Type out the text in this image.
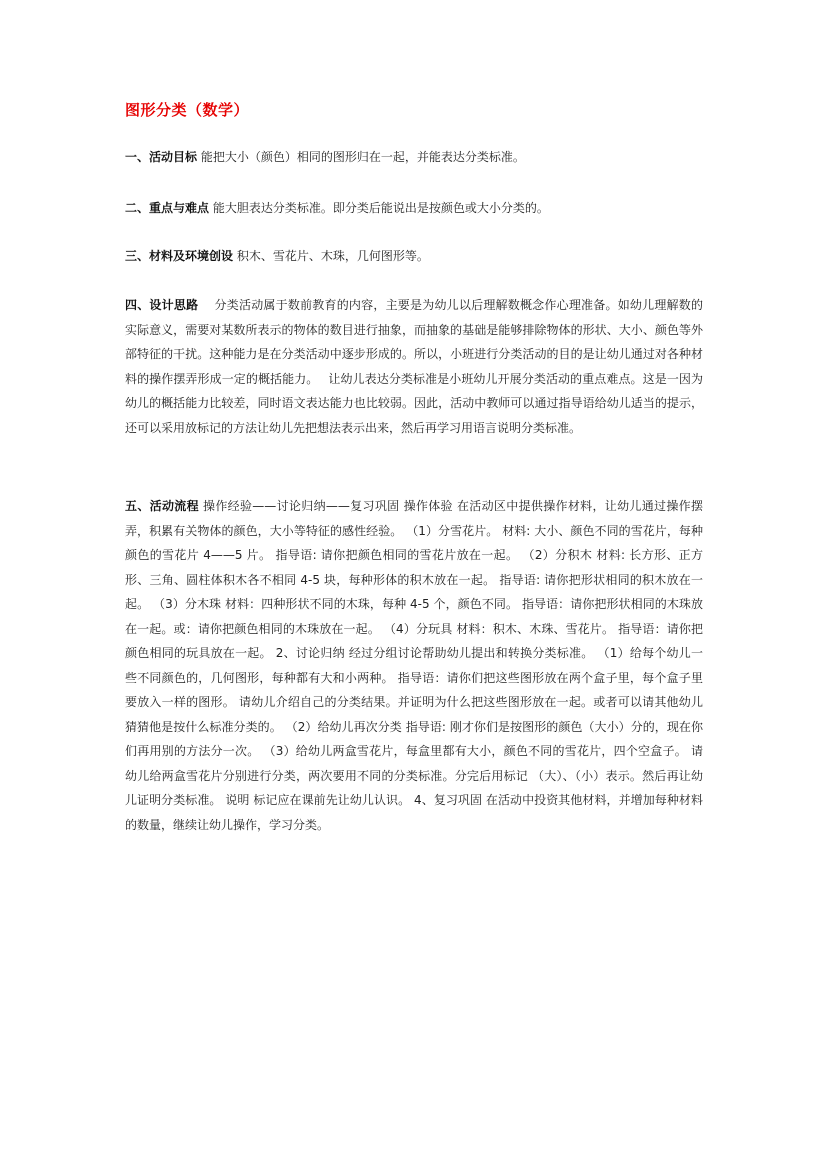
图形分类（数学）
一、活动目标 能把大小（颜色）相同的图形归在一起，并能表达分类标准。
二、重点与难点 能大胆表达分类标准。即分类后能说出是按颜色或大小分类的。
三、材料及环境创设 积木、雪花片、木珠，几何图形等。
四、设计思路　 分类活动属于数前教育的内容，主要是为幼儿以后理解数概念作心理准备。如幼儿理解数的实际意义，需要对某数所表示的物体的数目进行抽象，而抽象的基础是能够排除物体的形状、大小、颜色等外部特征的干扰。这种能力是在分类活动中逐步形成的。所以，小班进行分类活动的目的是让幼儿通过对各种材料的操作摆弄形成一定的概括能力。　 让幼儿表达分类标准是小班幼儿开展分类活动的重点难点。这是一因为幼儿的概括能力比较差，同时语文表达能力也比较弱。因此，活动中教师可以通过指导语给幼儿适当的提示，还可以采用放标记的方法让幼儿先把想法表示出来，然后再学习用语言说明分类标准。
五、活动流程 操作经验——讨论归纳——复习巩固 操作体验 在活动区中提供操作材料，让幼儿通过操作摆弄，积累有关物体的颜色，大小等特征的感性经验。 （1）分雪花片。 材料: 大小、颜色不同的雪花片，每种颜色的雪花片 4——5 片。 指导语: 请你把颜色相同的雪花片放在一起。 （2）分积木 材料: 长方形、正方形、三角、圆柱体积木各不相同 4-5 块，每种形体的积木放在一起。 指导语: 请你把形状相同的积木放在一起。 （3）分木珠 材料：四种形状不同的木珠，每种 4-5 个，颜色不同。 指导语：请你把形状相同的木珠放在一起。或：请你把颜色相同的木珠放在一起。 （4）分玩具 材料：积木、木珠、雪花片。 指导语：请你把颜色相同的玩具放在一起。 2、讨论归纳 经过分组讨论帮助幼儿提出和转换分类标准。 （1）给每个幼儿一些不同颜色的，几何图形，每种都有大和小两种。 指导语：请你们把这些图形放在两个盒子里，每个盒子里要放入一样的图形。 请幼儿介绍自己的分类结果。并证明为什么把这些图形放在一起。或者可以请其他幼儿猜猜他是按什么标准分类的。 （2）给幼儿再次分类 指导语: 刚才你们是按图形的颜色（大小）分的，现在你们再用别的方法分一次。 （3）给幼儿两盒雪花片，每盒里都有大小，颜色不同的雪花片，四个空盒子。 请幼儿给两盒雪花片分别进行分类，两次要用不同的分类标准。分完后用标记 （大）、（小）表示。然后再让幼儿证明分类标准。 说明 标记应在课前先让幼儿认识。 4、复习巩固 在活动中投资其他材料，并增加每种材料的数量，继续让幼儿操作，学习分类。
